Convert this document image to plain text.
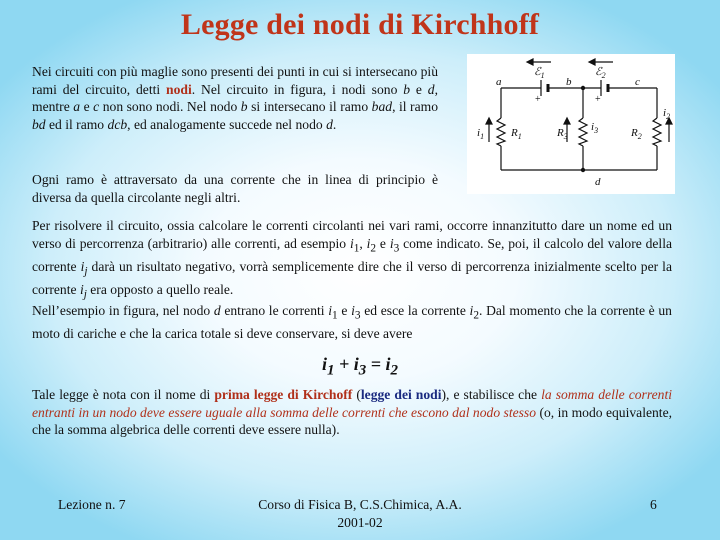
Legge dei nodi di Kirchhoff
Nei circuiti con più maglie sono presenti dei punti in cui si intersecano più rami del circuito, detti nodi. Nel circuito in figura, i nodi sono b e d, mentre a e c non sono nodi. Nel nodo b si intersecano il ramo bad, il ramo bd ed il ramo dcb, ed analogamente succede nel nodo d.
Ogni ramo è attraversato da una corrente che in linea di principio è diversa da quella circolante negli altri.
ℰ$_1$	ℰ$_2$
+	+
a	b	c
d
$R_1$	$R_3$	$R_2$
$i_1$
$i_3$
$i_2$
Per risolvere il circuito, ossia calcolare le correnti circolanti nei vari rami, occorre innanzitutto dare un nome ed un verso di percorrenza (arbitrario) alle correnti, ad esempio $i_1$, $i_2$ e $i_3$ come indicato. Se, poi, il calcolo del valore della corrente $i_j$ darà un risultato negativo, vorrà semplicemente dire che il verso di percorrenza inizialmente scelto per la corrente $i_j$ era opposto a quello reale.
Nell’esempio in figura, nel nodo d entrano le correnti $i_1$ e $i_3$ ed esce la corrente $i_2$. Dal momento che la corrente è un moto di cariche e che la carica totale si deve conservare, si deve avere
$i_1 + i_3 = i_2$
Tale legge è nota con il nome di prima legge di Kirchoff (legge dei nodi), e stabilisce che la somma delle correnti entranti in un nodo deve essere uguale alla somma delle correnti che escono dal nodo stesso (o, in modo equivalente, che la somma algebrica delle correnti deve essere nulla).
Lezione n. 7	Corso di Fisica B, C.S.Chimica, A.A.
2001-02
6
